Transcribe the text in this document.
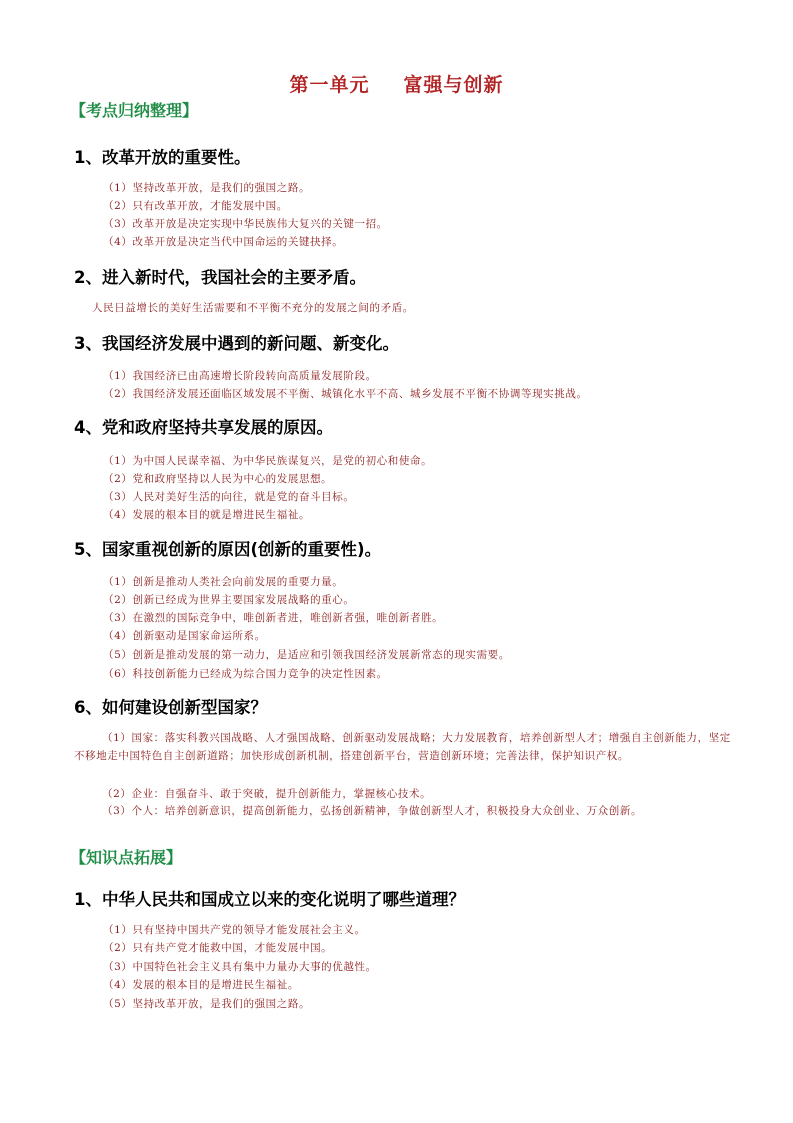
第一单元 富强与创新
【考点归纳整理】
1、改革开放的重要性。
（1）坚持改革开放，是我们的强国之路。
（2）只有改革开放，才能发展中国。
（3）改革开放是决定实现中华民族伟大复兴的关键一招。
（4）改革开放是决定当代中国命运的关键抉择。
2、进入新时代，我国社会的主要矛盾。
人民日益增长的美好生活需要和不平衡不充分的发展之间的矛盾。
3、我国经济发展中遇到的新问题、新变化。
（1）我国经济已由高速增长阶段转向高质量发展阶段。
（2）我国经济发展还面临区域发展不平衡、城镇化水平不高、城乡发展不平衡不协调等现实挑战。
4、党和政府坚持共享发展的原因。
（1）为中国人民谋幸福、为中华民族谋复兴，是党的初心和使命。
（2）党和政府坚持以人民为中心的发展思想。
（3）人民对美好生活的向往，就是党的奋斗目标。
（4）发展的根本目的就是增进民生福祉。
5、国家重视创新的原因(创新的重要性)。
（1）创新是推动人类社会向前发展的重要力量。
（2）创新已经成为世界主要国家发展战略的重心。
（3）在激烈的国际竞争中，唯创新者进，唯创新者强，唯创新者胜。
（4）创新驱动是国家命运所系。
（5）创新是推动发展的第一动力，是适应和引领我国经济发展新常态的现实需要。
（6）科技创新能力已经成为综合国力竞争的决定性因素。
6、如何建设创新型国家？
（1）国家：落实科教兴国战略、人才强国战略、创新驱动发展战略；大力发展教育，培养创新型人才；增强自主创新能力，坚定不移地走中国特色自主创新道路；加快形成创新机制，搭建创新平台，营造创新环境；完善法律，保护知识产权。
（2）企业：自强奋斗、敢于突破，提升创新能力，掌握核心技术。
（3）个人：培养创新意识，提高创新能力，弘扬创新精神，争做创新型人才，积极投身大众创业、万众创新。
【知识点拓展】
1、中华人民共和国成立以来的变化说明了哪些道理？
（1）只有坚持中国共产党的领导才能发展社会主义。
（2）只有共产党才能救中国，才能发展中国。
（3）中国特色社会主义具有集中力量办大事的优越性。
（4）发展的根本目的是增进民生福祉。
（5）坚持改革开放，是我们的强国之路。
